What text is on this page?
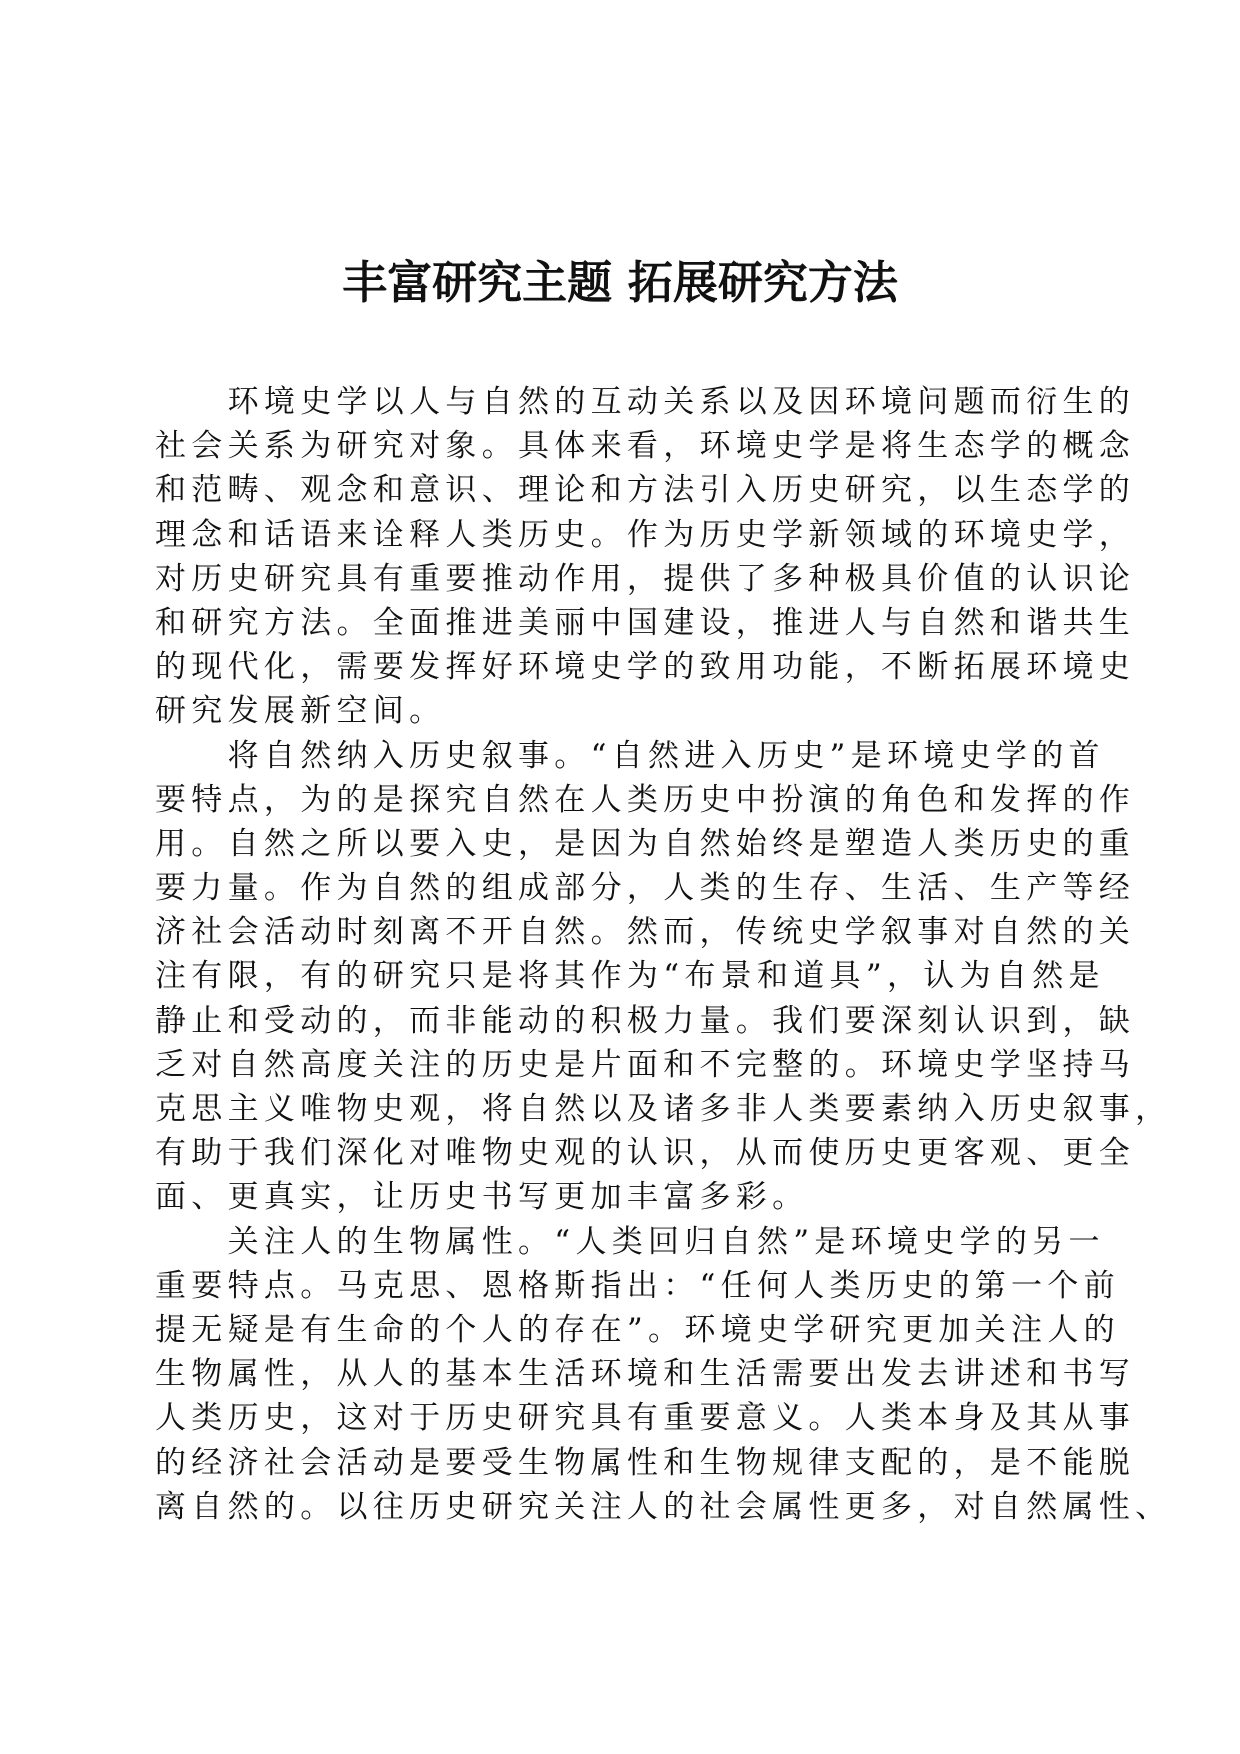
丰富研究主题 拓展研究方法
　　环境史学以人与自然的互动关系以及因环境问题而衍生的
社会关系为研究对象。具体来看，环境史学是将生态学的概念
和范畴、观念和意识、理论和方法引入历史研究，以生态学的
理念和话语来诠释人类历史。作为历史学新领域的环境史学，
对历史研究具有重要推动作用，提供了多种极具价值的认识论
和研究方法。全面推进美丽中国建设，推进人与自然和谐共生
的现代化，需要发挥好环境史学的致用功能，不断拓展环境史
研究发展新空间。
　　将自然纳入历史叙事。“自然进入历史”是环境史学的首
要特点，为的是探究自然在人类历史中扮演的角色和发挥的作
用。自然之所以要入史，是因为自然始终是塑造人类历史的重
要力量。作为自然的组成部分，人类的生存、生活、生产等经
济社会活动时刻离不开自然。然而，传统史学叙事对自然的关
注有限，有的研究只是将其作为“布景和道具”，认为自然是
静止和受动的，而非能动的积极力量。我们要深刻认识到，缺
乏对自然高度关注的历史是片面和不完整的。环境史学坚持马
克思主义唯物史观，将自然以及诸多非人类要素纳入历史叙事，
有助于我们深化对唯物史观的认识，从而使历史更客观、更全
面、更真实，让历史书写更加丰富多彩。
　　关注人的生物属性。“人类回归自然”是环境史学的另一
重要特点。马克思、恩格斯指出：“任何人类历史的第一个前
提无疑是有生命的个人的存在”。环境史学研究更加关注人的
生物属性，从人的基本生活环境和生活需要出发去讲述和书写
人类历史，这对于历史研究具有重要意义。人类本身及其从事
的经济社会活动是要受生物属性和生物规律支配的，是不能脱
离自然的。以往历史研究关注人的社会属性更多，对自然属性、
